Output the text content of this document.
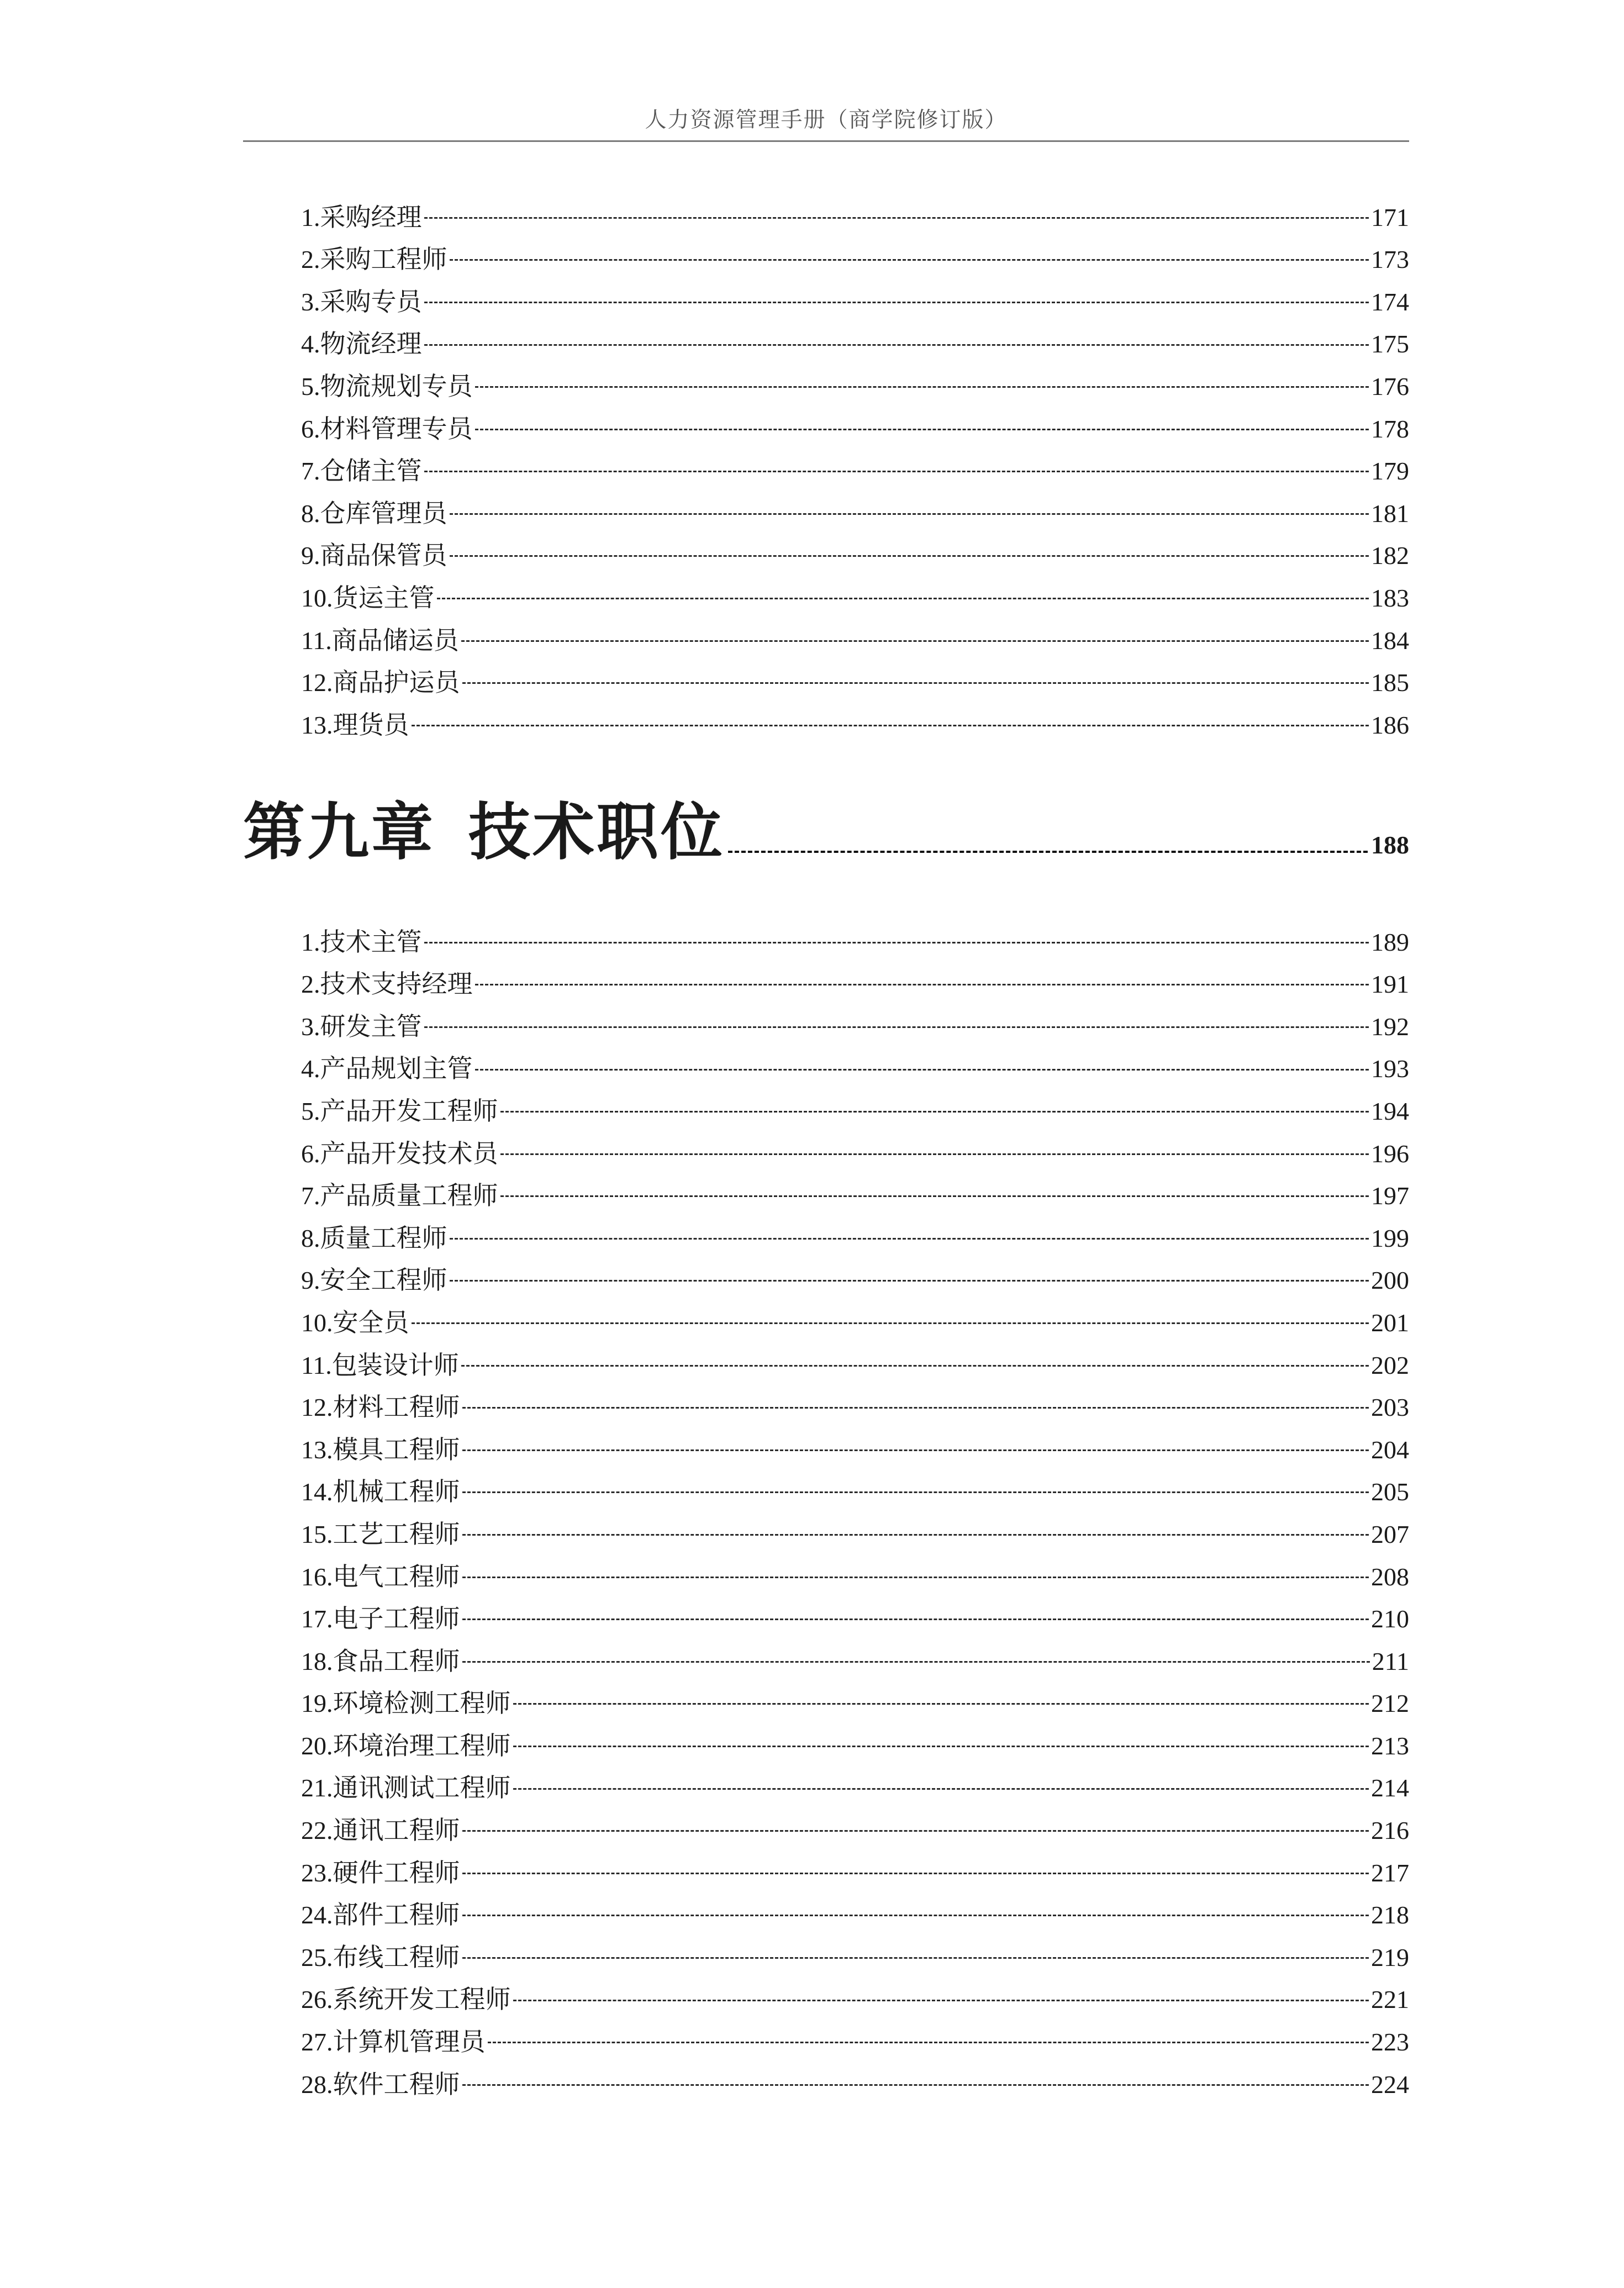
人力资源管理手册（商学院修订版）
1.采购经理	171
2.采购工程师	173
3.采购专员	174
4.物流经理	175
5.物流规划专员	176
6.材料管理专员	178
7.仓储主管	179
8.仓库管理员	181
9.商品保管员	182
10.货运主管	183
11.商品储运员	184
12.商品护运员	185
13.理货员	186
第九章 技术职位	188
1.技术主管	189
2.技术支持经理	191
3.研发主管	192
4.产品规划主管	193
5.产品开发工程师	194
6.产品开发技术员	196
7.产品质量工程师	197
8.质量工程师	199
9.安全工程师	200
10.安全员	201
11.包装设计师	202
12.材料工程师	203
13.模具工程师	204
14.机械工程师	205
15.工艺工程师	207
16.电气工程师	208
17.电子工程师	210
18.食品工程师	211
19.环境检测工程师	212
20.环境治理工程师	213
21.通讯测试工程师	214
22.通讯工程师	216
23.硬件工程师	217
24.部件工程师	218
25.布线工程师	219
26.系统开发工程师	221
27.计算机管理员	223
28.软件工程师	224
